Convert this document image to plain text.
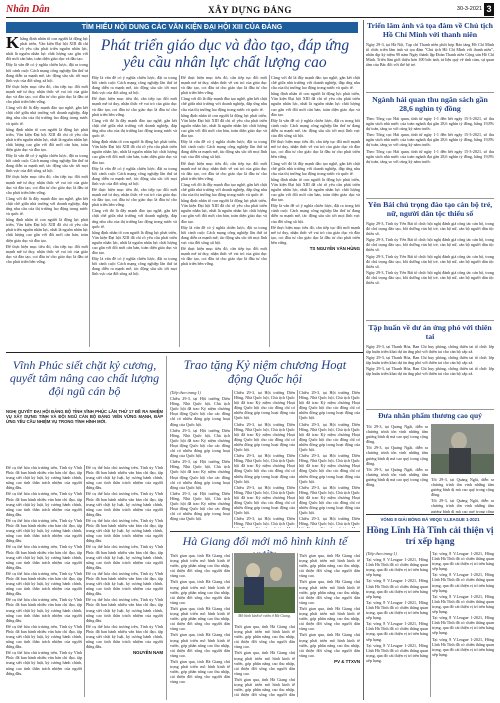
Nhân Dân	XÂY DỰNG ĐẢNG	30-3-2021 3
TÌM HIỂU NỘI DUNG CÁC VĂN KIỆN ĐẠI HỘI XIII CỦA ĐẢNG
Phát triển giáo dục và đào tạo, đáp ứng yêu cầu nhân lực chất lượng cao

Khẳng định nhân tố con người là động lực phát triển, Văn kiện Đại hội XIII đã chỉ rõ yêu cầu phát triển nguồn nhân lực, nhất là nguồn nhân lực chất lượng cao gắn với đổi mới căn bản, toàn diện giáo dục và đào tạo.

Đây là vấn đề có ý nghĩa chiến lược, đặt ra trong bối cảnh cuộc Cách mạng công nghiệp lần thứ tư đang diễn ra mạnh mẽ, tác động sâu sắc tới mọi lĩnh vực của đời sống xã hội.

Để thực hiện mục tiêu đó, cần tiếp tục đổi mới mạnh mẽ tư duy, nhận thức về vai trò của giáo dục và đào tạo, coi đầu tư cho giáo dục là đầu tư cho phát triển bền vững.

Cùng với đó là đẩy mạnh đào tạo nghề, gắn kết chặt chẽ giữa nhà trường với doanh nghiệp, đáp ứng nhu cầu của thị trường lao động trong nước và quốc tế.

hẳng định nhân tố con người là động lực phát triển, Văn kiện Đại hội XIII đã chỉ rõ yêu cầu phát triển nguồn nhân lực, nhất là nguồn nhân lực chất lượng cao gắn với đổi mới căn bản, toàn diện giáo dục và đào tạo.

Đây là vấn đề có ý nghĩa chiến lược, đặt ra trong bối cảnh cuộc Cách mạng công nghiệp lần thứ tư đang diễn ra mạnh mẽ, tác động sâu sắc tới mọi lĩnh vực của đời sống xã hội.

Để thực hiện mục tiêu đó, cần tiếp tục đổi mới mạnh mẽ tư duy, nhận thức về vai trò của giáo dục và đào tạo, coi đầu tư cho giáo dục là đầu tư cho phát triển bền vững.

Cùng với đó là đẩy mạnh đào tạo nghề, gắn kết chặt chẽ giữa nhà trường với doanh nghiệp, đáp ứng nhu cầu của thị trường lao động trong nước và quốc tế.

hẳng định nhân tố con người là động lực phát triển, Văn kiện Đại hội XIII đã chỉ rõ yêu cầu phát triển nguồn nhân lực, nhất là nguồn nhân lực chất lượng cao gắn với đổi mới căn bản, toàn diện giáo dục và đào tạo.

Để thực hiện mục tiêu đó, cần tiếp tục đổi mới mạnh mẽ tư duy, nhận thức về vai trò của giáo dục và đào tạo, coi đầu tư cho giáo dục là đầu tư cho phát triển bền vững.

Đây là vấn đề có ý nghĩa chiến lược, đặt ra trong bối cảnh cuộc Cách mạng công nghiệp lần thứ tư đang diễn ra mạnh mẽ, tác động sâu sắc tới mọi lĩnh vực của đời sống xã hội.

Để thực hiện mục tiêu đó, cần tiếp tục đổi mới mạnh mẽ tư duy, nhận thức về vai trò của giáo dục và đào tạo, coi đầu tư cho giáo dục là đầu tư cho phát triển bền vững.

Cùng với đó là đẩy mạnh đào tạo nghề, gắn kết chặt chẽ giữa nhà trường với doanh nghiệp, đáp ứng nhu cầu của thị trường lao động trong nước và quốc tế.

hẳng định nhân tố con người là động lực phát triển, Văn kiện Đại hội XIII đã chỉ rõ yêu cầu phát triển nguồn nhân lực, nhất là nguồn nhân lực chất lượng cao gắn với đổi mới căn bản, toàn diện giáo dục và đào tạo.

Đây là vấn đề có ý nghĩa chiến lược, đặt ra trong bối cảnh cuộc Cách mạng công nghiệp lần thứ tư đang diễn ra mạnh mẽ, tác động sâu sắc tới mọi lĩnh vực của đời sống xã hội.

Để thực hiện mục tiêu đó, cần tiếp tục đổi mới mạnh mẽ tư duy, nhận thức về vai trò của giáo dục và đào tạo, coi đầu tư cho giáo dục là đầu tư cho phát triển bền vững.

Cùng với đó là đẩy mạnh đào tạo nghề, gắn kết chặt chẽ giữa nhà trường với doanh nghiệp, đáp ứng nhu cầu của thị trường lao động trong nước và quốc tế.

hẳng định nhân tố con người là động lực phát triển, Văn kiện Đại hội XIII đã chỉ rõ yêu cầu phát triển nguồn nhân lực, nhất là nguồn nhân lực chất lượng cao gắn với đổi mới căn bản, toàn diện giáo dục và đào tạo.

Đây là vấn đề có ý nghĩa chiến lược, đặt ra trong bối cảnh cuộc Cách mạng công nghiệp lần thứ tư đang diễn ra mạnh mẽ, tác động sâu sắc tới mọi lĩnh vực của đời sống xã hội.

Để thực hiện mục tiêu đó, cần tiếp tục đổi mới mạnh mẽ tư duy, nhận thức về vai trò của giáo dục và đào tạo, coi đầu tư cho giáo dục là đầu tư cho phát triển bền vững.

Cùng với đó là đẩy mạnh đào tạo nghề, gắn kết chặt chẽ giữa nhà trường với doanh nghiệp, đáp ứng nhu cầu của thị trường lao động trong nước và quốc tế.

hẳng định nhân tố con người là động lực phát triển, Văn kiện Đại hội XIII đã chỉ rõ yêu cầu phát triển nguồn nhân lực, nhất là nguồn nhân lực chất lượng cao gắn với đổi mới căn bản, toàn diện giáo dục và đào tạo.

Đây là vấn đề có ý nghĩa chiến lược, đặt ra trong bối cảnh cuộc Cách mạng công nghiệp lần thứ tư đang diễn ra mạnh mẽ, tác động sâu sắc tới mọi lĩnh vực của đời sống xã hội.

Để thực hiện mục tiêu đó, cần tiếp tục đổi mới mạnh mẽ tư duy, nhận thức về vai trò của giáo dục và đào tạo, coi đầu tư cho giáo dục là đầu tư cho phát triển bền vững.

Cùng với đó là đẩy mạnh đào tạo nghề, gắn kết chặt chẽ giữa nhà trường với doanh nghiệp, đáp ứng nhu cầu của thị trường lao động trong nước và quốc tế.

hẳng định nhân tố con người là động lực phát triển, Văn kiện Đại hội XIII đã chỉ rõ yêu cầu phát triển nguồn nhân lực, nhất là nguồn nhân lực chất lượng cao gắn với đổi mới căn bản, toàn diện giáo dục và đào tạo.

Đây là vấn đề có ý nghĩa chiến lược, đặt ra trong bối cảnh cuộc Cách mạng công nghiệp lần thứ tư đang diễn ra mạnh mẽ, tác động sâu sắc tới mọi lĩnh vực của đời sống xã hội.

Để thực hiện mục tiêu đó, cần tiếp tục đổi mới mạnh mẽ tư duy, nhận thức về vai trò của giáo dục và đào tạo, coi đầu tư cho giáo dục là đầu tư cho phát triển bền vững.

Cùng với đó là đẩy mạnh đào tạo nghề, gắn kết chặt chẽ giữa nhà trường với doanh nghiệp, đáp ứng nhu cầu của thị trường lao động trong nước và quốc tế.

hẳng định nhân tố con người là động lực phát triển, Văn kiện Đại hội XIII đã chỉ rõ yêu cầu phát triển nguồn nhân lực, nhất là nguồn nhân lực chất lượng cao gắn với đổi mới căn bản, toàn diện giáo dục và đào tạo.

Đây là vấn đề có ý nghĩa chiến lược, đặt ra trong bối cảnh cuộc Cách mạng công nghiệp lần thứ tư đang diễn ra mạnh mẽ, tác động sâu sắc tới mọi lĩnh vực của đời sống xã hội.

Để thực hiện mục tiêu đó, cần tiếp tục đổi mới mạnh mẽ tư duy, nhận thức về vai trò của giáo dục và đào tạo, coi đầu tư cho giáo dục là đầu tư cho phát triển bền vững.

Cùng với đó là đẩy mạnh đào tạo nghề, gắn kết chặt chẽ giữa nhà trường với doanh nghiệp, đáp ứng nhu cầu của thị trường lao động trong nước và quốc tế.

hẳng định nhân tố con người là động lực phát triển, Văn kiện Đại hội XIII đã chỉ rõ yêu cầu phát triển nguồn nhân lực, nhất là nguồn nhân lực chất lượng cao gắn với đổi mới căn bản, toàn diện giáo dục và đào tạo.

Đây là vấn đề có ý nghĩa chiến lược, đặt ra trong bối cảnh cuộc Cách mạng công nghiệp lần thứ tư đang diễn ra mạnh mẽ, tác động sâu sắc tới mọi lĩnh vực của đời sống xã hội.

Để thực hiện mục tiêu đó, cần tiếp tục đổi mới mạnh mẽ tư duy, nhận thức về vai trò của giáo dục và đào tạo, coi đầu tư cho giáo dục là đầu tư cho phát triển bền vững.

TS NGUYỄN VĂN HÙNG
Triển lãm ảnh và tọa đàm về Chủ tịch Hồ Chí Minh với thanh niên

Ngày 29-3, tại Hà Nội, Tạp chí Thanh niên phối hợp Bảo tàng Hồ Chí Minh tổ chức triển lãm ảnh và tọa đàm "Chủ tịch Hồ Chí Minh với thanh niên", nhân dịp kỷ niệm 90 năm Ngày thành lập Đoàn Thanh niên Cộng sản Hồ Chí Minh. Triển lãm giới thiệu hơn 100 bức ảnh, tư liệu quý về tình cảm, sự quan tâm của Bác đối với thế hệ trẻ.

Ngành hải quan thu ngân sách gần 28,6 nghìn tỷ đồng

Theo Tổng cục Hải quan, tính từ ngày 1-1 đến hết ngày 15-3-2021, số thu ngân sách nhà nước của toàn ngành đạt gần 28,6 nghìn tỷ đồng, bằng 19,8% dự toán, tăng so với cùng kỳ năm trước.

Theo Tổng cục Hải quan, tính từ ngày 1-1 đến hết ngày 15-3-2021, số thu ngân sách nhà nước của toàn ngành đạt gần 28,6 nghìn tỷ đồng, bằng 19,8% dự toán, tăng so với cùng kỳ năm trước.

Theo Tổng cục Hải quan, tính từ ngày 1-1 đến hết ngày 15-3-2021, số thu ngân sách nhà nước của toàn ngành đạt gần 28,6 nghìn tỷ đồng, bằng 19,8% dự toán, tăng so với cùng kỳ năm trước.

Yên Bái chú trọng đào tạo cán bộ trẻ, nữ, người dân tộc thiểu số

Ngày 29-3, Tỉnh ủy Yên Bái tổ chức hội nghị đánh giá công tác cán bộ, trong đó chú trọng đào tạo, bồi dưỡng cán bộ trẻ, cán bộ nữ, cán bộ người dân tộc thiểu số.

Ngày 29-3, Tỉnh ủy Yên Bái tổ chức hội nghị đánh giá công tác cán bộ, trong đó chú trọng đào tạo, bồi dưỡng cán bộ trẻ, cán bộ nữ, cán bộ người dân tộc thiểu số.

Ngày 29-3, Tỉnh ủy Yên Bái tổ chức hội nghị đánh giá công tác cán bộ, trong đó chú trọng đào tạo, bồi dưỡng cán bộ trẻ, cán bộ nữ, cán bộ người dân tộc thiểu số.

Ngày 29-3, Tỉnh ủy Yên Bái tổ chức hội nghị đánh giá công tác cán bộ, trong đó chú trọng đào tạo, bồi dưỡng cán bộ trẻ, cán bộ nữ, cán bộ người dân tộc thiểu số.

Tập huấn về dư án ứng phó với thiên tai

Ngày 29-3, tại Thanh Hóa, Ban Chỉ huy phòng, chống thiên tai tổ chức lớp tập huấn triển khai dự án ứng phó với thiên tai cho cán bộ cấp xã.

Ngày 29-3, tại Thanh Hóa, Ban Chỉ huy phòng, chống thiên tai tổ chức lớp tập huấn triển khai dự án ứng phó với thiên tai cho cán bộ cấp xã.

Ngày 29-3, tại Thanh Hóa, Ban Chỉ huy phòng, chống thiên tai tổ chức lớp tập huấn triển khai dự án ứng phó với thiên tai cho cán bộ cấp xã.

Đưa nhân phẩm thương cao quý

Tối 29-3, tại Quảng Ngãi, diễn ra chương trình tôn vinh những tấm gương bình dị mà cao quý trong cộng đồng.

Tối 29-3, tại Quảng Ngãi, diễn ra chương trình tôn vinh những tấm gương bình dị mà cao quý trong cộng đồng.

Tối 29-3, tại Quảng Ngãi, diễn ra chương trình tôn vinh những tấm gương bình dị mà cao quý trong cộng đồng.

Tối 29-3, tại Quảng Ngãi, diễn ra chương trình tôn vinh những tấm gương bình dị mà cao quý trong cộng đồng.

Tối 29-3, tại Quảng Ngãi, diễn ra chương trình tôn vinh những tấm gương bình dị mà cao quý trong cộng

Vĩnh Phúc siết chặt kỷ cương, quyết tâm nâng cao chất lượng đội ngũ cán bộ
NGHỊ QUYẾT ĐẠI HỘI ĐẢNG BỘ TỈNH VĨNH PHÚC LẦN THỨ 17 ĐỀ RA NHIỆM VỤ XÂY DỰNG TỈNH VÀ ĐỘI NGŨ CÁN BỘ ĐẢNG VIÊN VỮNG MẠNH, ĐÁP ỨNG YÊU CẦU NHIỆM VỤ TRONG TÌNH HÌNH MỚI.

Để cụ thể hóa chủ trương trên, Tỉnh ủy Vĩnh Phúc đã ban hành nhiều văn bản chỉ đạo, tập trung siết chặt kỷ luật, kỷ cương hành chính, nâng cao tinh thần trách nhiệm của người đứng đầu.

Để cụ thể hóa chủ trương trên, Tỉnh ủy Vĩnh Phúc đã ban hành nhiều văn bản chỉ đạo, tập trung siết chặt kỷ luật, kỷ cương hành chính, nâng cao tinh thần trách nhiệm của người đứng đầu.

Để cụ thể hóa chủ trương trên, Tỉnh ủy Vĩnh Phúc đã ban hành nhiều văn bản chỉ đạo, tập trung siết chặt kỷ luật, kỷ cương hành chính, nâng cao tinh thần trách nhiệm của người đứng đầu.

Để cụ thể hóa chủ trương trên, Tỉnh ủy Vĩnh Phúc đã ban hành nhiều văn bản chỉ đạo, tập trung siết chặt kỷ luật, kỷ cương hành chính, nâng cao tinh thần trách nhiệm của người đứng đầu.

Để cụ thể hóa chủ trương trên, Tỉnh ủy Vĩnh Phúc đã ban hành nhiều văn bản chỉ đạo, tập trung siết chặt kỷ luật, kỷ cương hành chính, nâng cao tinh thần trách nhiệm của người đứng đầu.

Để cụ thể hóa chủ trương trên, Tỉnh ủy Vĩnh Phúc đã ban hành nhiều văn bản chỉ đạo, tập trung siết chặt kỷ luật, kỷ cương hành chính, nâng cao tinh thần trách nhiệm của người đứng đầu.

Để cụ thể hóa chủ trương trên, Tỉnh ủy Vĩnh Phúc đã ban hành nhiều văn bản chỉ đạo, tập trung siết chặt kỷ luật, kỷ cương hành chính, nâng cao tinh thần trách nhiệm của người đứng đầu.

Để cụ thể hóa chủ trương trên, Tỉnh ủy Vĩnh Phúc đã ban hành nhiều văn bản chỉ đạo, tập trung siết chặt kỷ luật, kỷ cương hành chính, nâng cao tinh thần trách nhiệm của người đứng đầu.

Để cụ thể hóa chủ trương trên, Tỉnh ủy Vĩnh Phúc đã ban hành nhiều văn bản chỉ đạo, tập trung siết chặt kỷ luật, kỷ cương hành chính, nâng cao tinh thần trách nhiệm của người đứng đầu.

Để cụ thể hóa chủ trương trên, Tỉnh ủy Vĩnh Phúc đã ban hành nhiều văn bản chỉ đạo, tập trung siết chặt kỷ luật, kỷ cương hành chính, nâng cao tinh thần trách nhiệm của người đứng đầu.

Để cụ thể hóa chủ trương trên, Tỉnh ủy Vĩnh Phúc đã ban hành nhiều văn bản chỉ đạo, tập trung siết chặt kỷ luật, kỷ cương hành chính, nâng cao tinh thần trách nhiệm của người đứng đầu.

Để cụ thể hóa chủ trương trên, Tỉnh ủy Vĩnh Phúc đã ban hành nhiều văn bản chỉ đạo, tập trung siết chặt kỷ luật, kỷ cương hành chính, nâng cao tinh thần trách nhiệm của người đứng đầu.

Để cụ thể hóa chủ trương trên, Tỉnh ủy Vĩnh Phúc đã ban hành nhiều văn bản chỉ đạo, tập trung siết chặt kỷ luật, kỷ cương hành chính, nâng cao tinh thần trách nhiệm của người đứng đầu.

Để cụ thể hóa chủ trương trên, Tỉnh ủy Vĩnh Phúc đã ban hành nhiều văn bản chỉ đạo, tập trung siết chặt kỷ luật, kỷ cương hành chính, nâng cao tinh thần trách nhiệm của người đứng đầu.

Để cụ thể hóa chủ trương trên, Tỉnh ủy Vĩnh Phúc đã ban hành nhiều văn bản chỉ đạo, tập trung siết chặt kỷ luật, kỷ cương hành chính, nâng cao tinh thần trách nhiệm của người đứng đầu.

NGUYỄN NAM
Trao tặng Kỷ niệm chương Hoạt động Quốc hội

(Tiếp theo trang 1)

Chiều 29-3, tại Hội trường Diên Hồng, Nhà Quốc hội, Chủ tịch Quốc hội đã trao Kỷ niệm chương Hoạt động Quốc hội cho các đồng chí có nhiều đóng góp trong hoạt động của Quốc hội.

Chiều 29-3, tại Hội trường Diên Hồng, Nhà Quốc hội, Chủ tịch Quốc hội đã trao Kỷ niệm chương Hoạt động Quốc hội cho các đồng chí có nhiều đóng góp trong hoạt động của Quốc hội.

Chiều 29-3, tại Hội trường Diên Hồng, Nhà Quốc hội, Chủ tịch Quốc hội đã trao Kỷ niệm chương Hoạt động Quốc hội cho các đồng chí có nhiều đóng góp trong hoạt động của Quốc hội.

Chiều 29-3, tại Hội trường Diên Hồng, Nhà Quốc hội, Chủ tịch Quốc hội đã trao Kỷ niệm chương Hoạt động Quốc hội cho các đồng chí có nhiều đóng góp trong hoạt động của Quốc hội.

Chiều 29-3, tại Hội trường Diên Hồng, Nhà Quốc hội, Chủ tịch Quốc hội đã trao Kỷ niệm chương Hoạt động Quốc hội cho các đồng chí có nhiều đóng góp trong hoạt động của Quốc hội.

Chiều 29-3, tại Hội trường Diên Hồng, Nhà Quốc hội, Chủ tịch Quốc hội đã trao Kỷ niệm chương Hoạt động Quốc hội cho các đồng chí có nhiều đóng góp trong hoạt động của Quốc hội.

Chiều 29-3, tại Hội trường Diên Hồng, Nhà Quốc hội, Chủ tịch Quốc hội đã trao Kỷ niệm chương Hoạt động Quốc hội cho các đồng chí có nhiều đóng góp trong hoạt động của Quốc hội.

Chiều 29-3, tại Hội trường Diên Hồng, Nhà Quốc hội, Chủ tịch Quốc hội đã trao Kỷ niệm chương Hoạt động Quốc hội cho các đồng chí có nhiều đóng góp trong hoạt động của Quốc hội.

Chiều 29-3, tại Hội trường Diên Hồng, Nhà Quốc hội, Chủ tịch Quốc

Chiều 29-3, tại Hội trường Diên Hồng, Nhà Quốc hội, Chủ tịch Quốc hội đã trao Kỷ niệm chương Hoạt động Quốc hội cho các đồng chí có nhiều đóng góp trong hoạt động của Quốc hội.

Chiều 29-3, tại Hội trường Diên Hồng, Nhà Quốc hội, Chủ tịch Quốc hội đã trao Kỷ niệm chương Hoạt động Quốc hội cho các đồng chí có nhiều đóng góp trong hoạt động của Quốc hội.

Chiều 29-3, tại Hội trường Diên Hồng, Nhà Quốc hội, Chủ tịch Quốc hội đã trao Kỷ niệm chương Hoạt động Quốc hội cho các đồng chí có nhiều đóng góp trong hoạt động của Quốc hội.

Chiều 29-3, tại Hội trường Diên Hồng, Nhà Quốc hội, Chủ tịch Quốc hội đã trao Kỷ niệm chương Hoạt động Quốc hội cho các đồng chí có nhiều đóng góp trong hoạt động của Quốc hội.

Chiều 29-3, tại Hội trường Diên Hồng, Nhà Quốc hội, Chủ tịch Quốc

Hà Giang đổi mới mô hình kinh tế

Thời gian qua, tỉnh Hà Giang chú trọng phát triển mô hình kinh tế vườn, góp phần nâng cao thu nhập, cải thiện đời sống cho người dân vùng cao.

Thời gian qua, tỉnh Hà Giang chú trọng phát triển mô hình kinh tế vườn, góp phần nâng cao thu nhập, cải thiện đời sống cho người dân vùng cao.

Thời gian qua, tỉnh Hà Giang chú trọng phát triển mô hình kinh tế vườn, góp phần nâng cao thu nhập, cải thiện đời sống cho người dân vùng cao.

Thời gian qua, tỉnh Hà Giang chú trọng phát triển mô hình kinh tế vườn, góp phần nâng cao thu nhập, cải thiện đời sống cho người dân vùng cao.

Thời gian qua, tỉnh Hà Giang chú trọng phát triển mô hình kinh tế vườn, góp phần nâng cao thu nhập, cải thiện đời sống cho người dân vùng cao.

Mô hình kinh tế vườn ở Hà Giang.

Thời gian qua, tỉnh Hà Giang chú trọng phát triển mô hình kinh tế vườn, góp phần nâng cao thu nhập, cải thiện đời sống cho người dân vùng cao.

Thời gian qua, tỉnh Hà Giang chú trọng phát triển mô hình kinh tế vườn, góp phần nâng cao thu nhập, cải thiện đời sống cho người dân vùng cao.

Thời gian qua, tỉnh Hà Giang chú trọng phát triển mô hình kinh tế vườn, góp phần nâng cao thu nhập, cải thiện đời sống cho người dân

Thời gian qua, tỉnh Hà Giang chú trọng phát triển mô hình kinh tế vườn, góp phần nâng cao thu nhập, cải thiện đời sống cho người dân vùng cao.

Thời gian qua, tỉnh Hà Giang chú trọng phát triển mô hình kinh tế vườn, góp phần nâng cao thu nhập, cải thiện đời sống cho người dân vùng cao.

Thời gian qua, tỉnh Hà Giang chú trọng phát triển mô hình kinh tế vườn, góp phần nâng cao thu nhập, cải thiện đời sống cho người dân vùng cao.

Thời gian qua, tỉnh Hà Giang chú trọng phát triển mô hình kinh tế vườn, góp phần nâng cao thu nhập, cải thiện đời sống cho người dân vùng cao.

PV & TTXVN
VÒNG 8 GIẢI BÓNG ĐÁ VĐQG V.LEAGUE 1-2021
Hồng Lĩnh Hà Tĩnh cải thiện vị trí xếp hạng

(Tiếp theo trang 1)

Tại vòng 8 V.League 1-2021, Hồng Lĩnh Hà Tĩnh đã có chiến thắng quan trọng, qua đó cải thiện vị trí trên bảng xếp hạng.

Tại vòng 8 V.League 1-2021, Hồng Lĩnh Hà Tĩnh đã có chiến thắng quan trọng, qua đó cải thiện vị trí trên bảng xếp hạng.

Tại vòng 8 V.League 1-2021, Hồng Lĩnh Hà Tĩnh đã có chiến thắng quan trọng, qua đó cải thiện vị trí trên bảng xếp hạng.

Tại vòng 8 V.League 1-2021, Hồng Lĩnh Hà Tĩnh đã có chiến thắng quan trọng, qua đó cải thiện vị trí trên bảng xếp hạng.

Tại vòng 8 V.League 1-2021, Hồng Lĩnh Hà Tĩnh đã có chiến thắng quan trọng, qua đó cải thiện vị trí trên bảng xếp hạng.

Tại vòng 8 V.League 1-2021, Hồng Lĩnh Hà Tĩnh đã có chiến thắng quan trọng, qua đó cải thiện vị trí trên bảng xếp hạng.

Tại vòng 8 V.League 1-2021, Hồng Lĩnh Hà Tĩnh đã có chiến thắng quan trọng, qua đó cải thiện vị trí trên bảng xếp hạng.

Tại vòng 8 V.League 1-2021, Hồng Lĩnh Hà Tĩnh đã có chiến thắng quan trọng, qua đó cải thiện vị trí trên bảng xếp hạng.

Tại vòng 8 V.League 1-2021, Hồng Lĩnh Hà Tĩnh đã có chiến thắng quan trọng, qua đó cải thiện vị trí trên bảng xếp hạng.

Tại vòng 8 V.League 1-2021, Hồng Lĩnh Hà Tĩnh đã có chiến thắng quan trọng, qua đó cải thiện vị trí trên bảng xếp hạng.
